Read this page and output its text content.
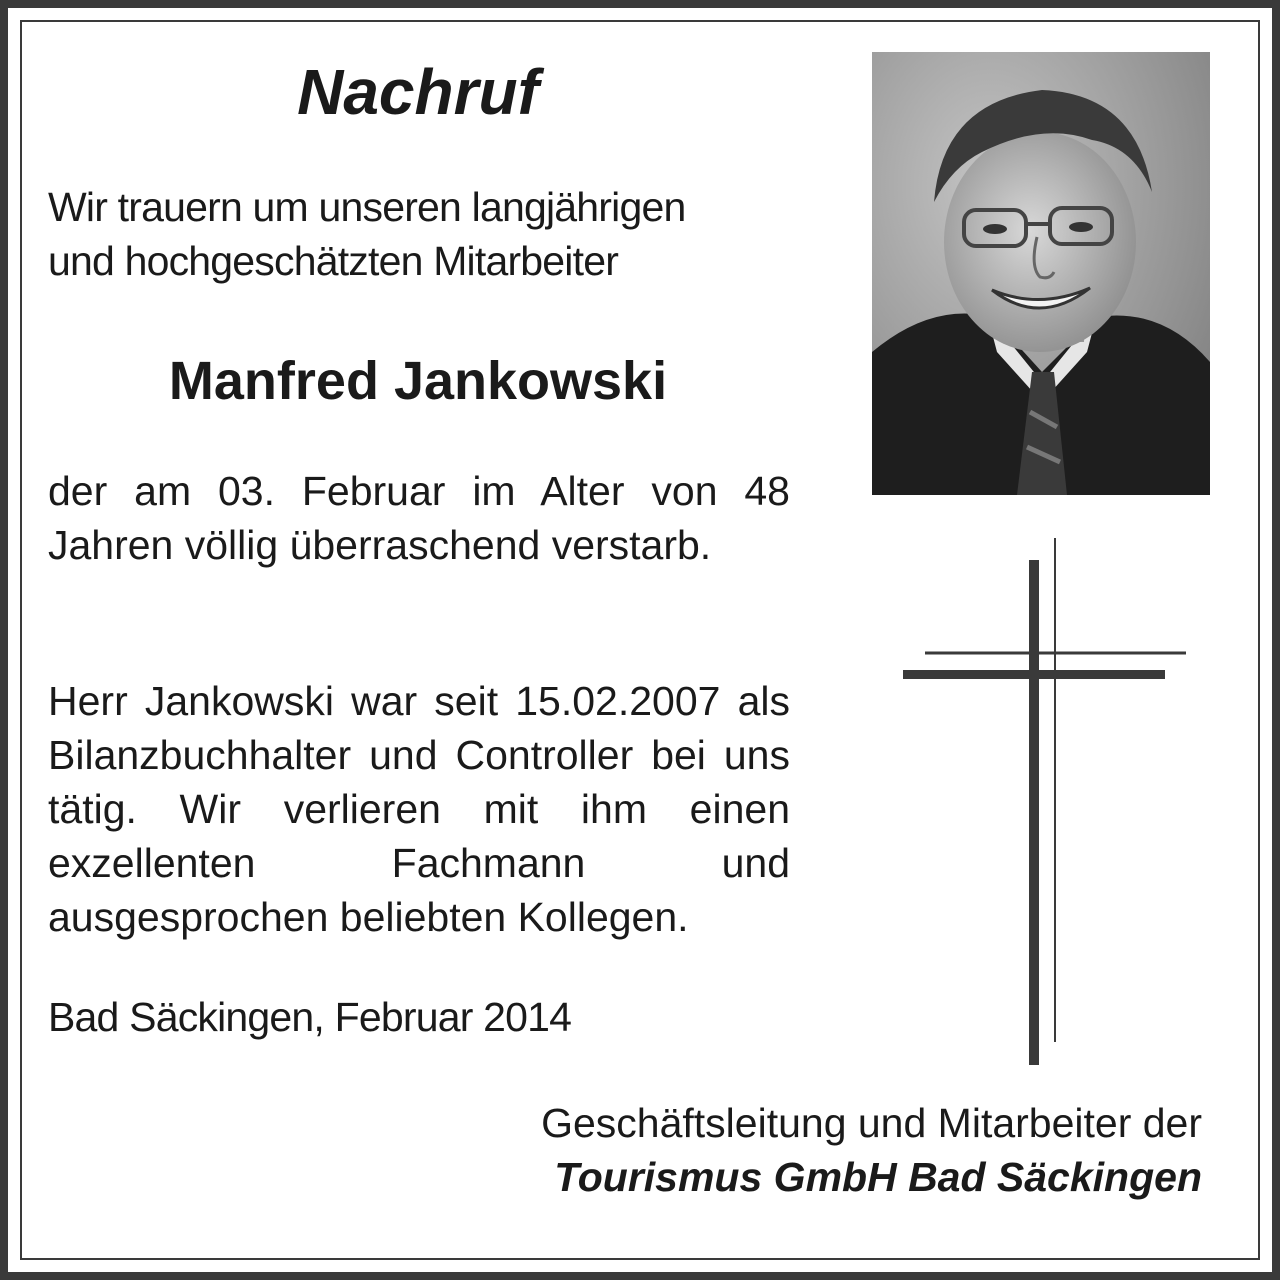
Nachruf

Wir trauern um unseren langjährigen
und hochgeschätzten Mitarbeiter

Manfred Jankowski

der am 03. Februar im Alter von 48 Jahren völlig überraschend verstarb.

Herr Jankowski war seit 15.02.2007 als Bilanzbuchhalter und Controller bei uns tätig. Wir verlieren mit ihm einen exzellenten Fachmann und ausgesprochen beliebten Kollegen.

Bad Säckingen, Februar 2014

Geschäftsleitung und Mitarbeiter der
Tourismus GmbH Bad Säckingen
